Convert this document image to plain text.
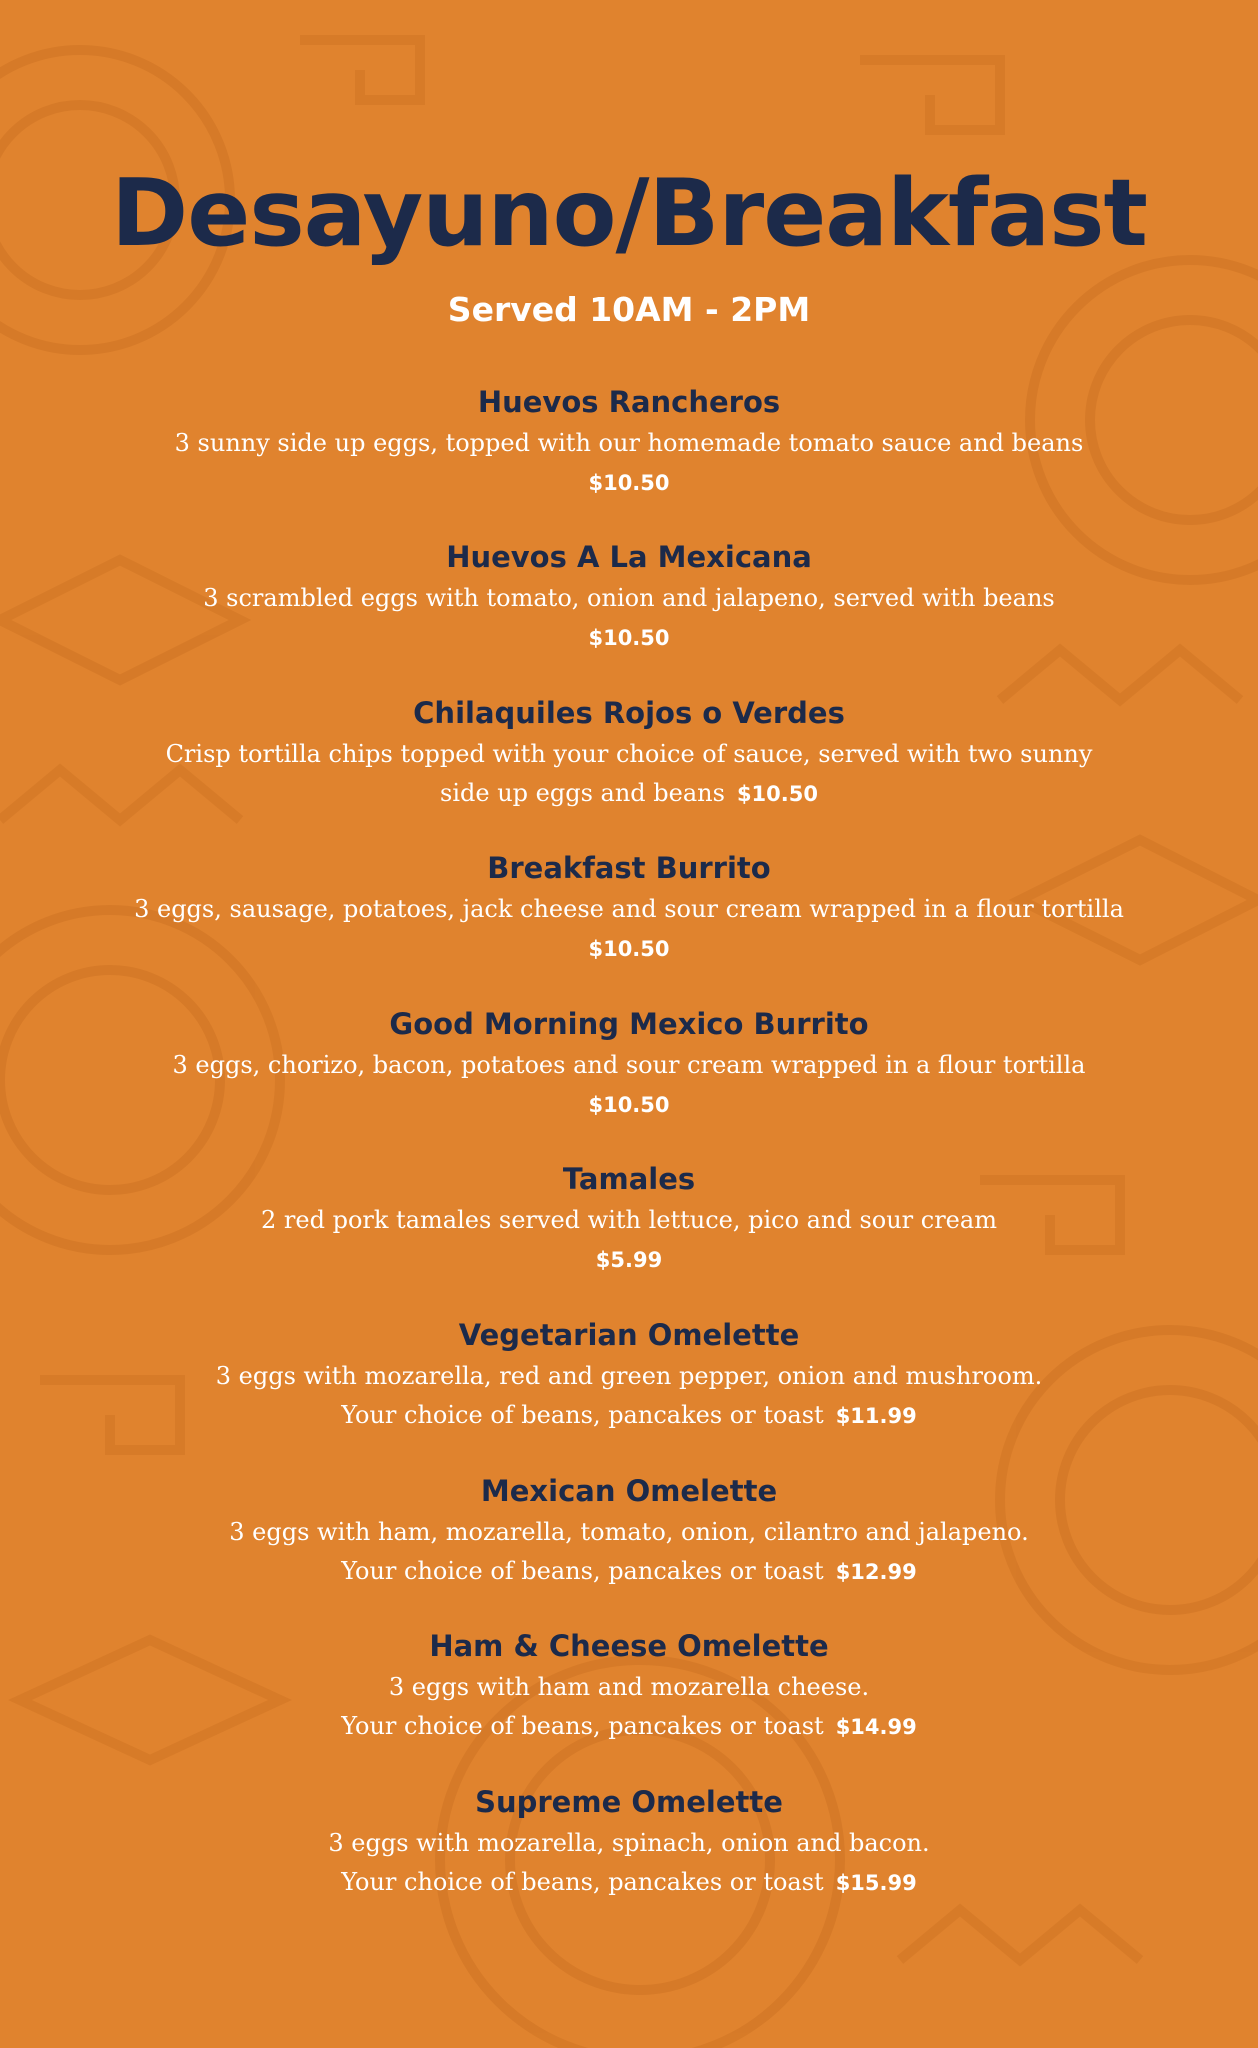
Desayuno/Breakfast
Served 10AM - 2PM
Huevos Rancheros
3 sunny side up eggs, topped with our homemade tomato sauce and beans
$10.50
Huevos A La Mexicana
3 scrambled eggs with tomato, onion and jalapeno, served with beans
$10.50
Chilaquiles Rojos o Verdes
Crisp tortilla chips topped with your choice of sauce, served with two sunny
side up eggs and beans $10.50
Breakfast Burrito
3 eggs, sausage, potatoes, jack cheese and sour cream wrapped in a flour tortilla
$10.50
Good Morning Mexico Burrito
3 eggs, chorizo, bacon, potatoes and sour cream wrapped in a flour tortilla
$10.50
Tamales
2 red pork tamales served with lettuce, pico and sour cream
$5.99
Vegetarian Omelette
3 eggs with mozarella, red and green pepper, onion and mushroom.
Your choice of beans, pancakes or toast $11.99
Mexican Omelette
3 eggs with ham, mozarella, tomato, onion, cilantro and jalapeno.
Your choice of beans, pancakes or toast $12.99
Ham & Cheese Omelette
3 eggs with ham and mozarella cheese.
Your choice of beans, pancakes or toast $14.99
Supreme Omelette
3 eggs with mozarella, spinach, onion and bacon.
Your choice of beans, pancakes or toast $15.99
